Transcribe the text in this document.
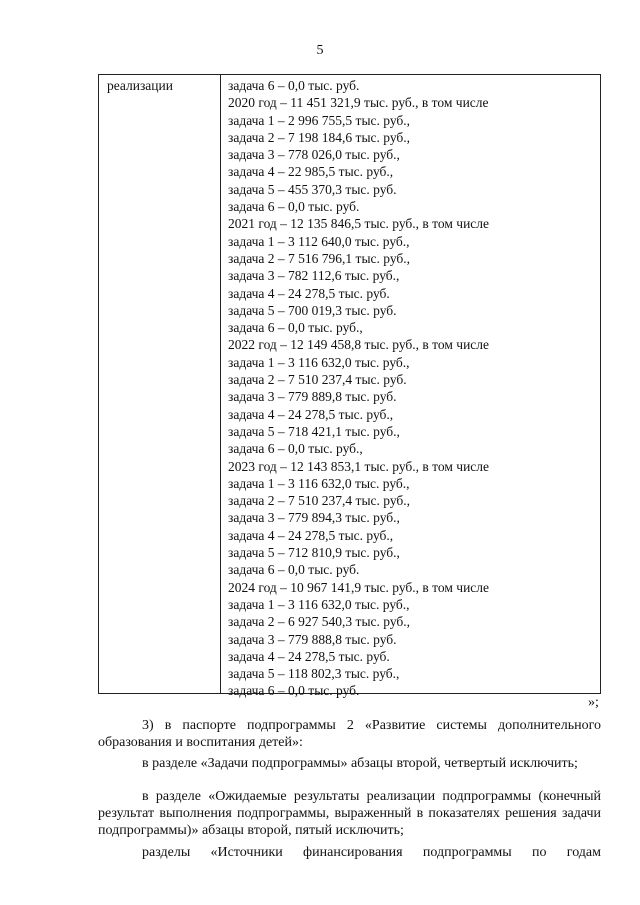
5
реализации	задача 6 – 0,0 тыс. руб.
2020 год – 11 451 321,9 тыс. руб., в том числе
задача 1 – 2 996 755,5 тыс. руб.,
задача 2 – 7 198 184,6 тыс. руб.,
задача 3 – 778 026,0 тыс. руб.,
задача 4 – 22 985,5 тыс. руб.,
задача 5 – 455 370,3 тыс. руб.
задача 6 – 0,0 тыс. руб.
2021 год – 12 135 846,5 тыс. руб., в том числе
задача 1 – 3 112 640,0 тыс. руб.,
задача 2 – 7 516 796,1 тыс. руб.,
задача 3 – 782 112,6 тыс. руб.,
задача 4 – 24 278,5 тыс. руб.
задача 5 – 700 019,3 тыс. руб.
задача 6 – 0,0 тыс. руб.,
2022 год – 12 149 458,8 тыс. руб., в том числе
задача 1 – 3 116 632,0 тыс. руб.,
задача 2 – 7 510 237,4 тыс. руб.
задача 3 – 779 889,8 тыс. руб.
задача 4 – 24 278,5 тыс. руб.,
задача 5 – 718 421,1 тыс. руб.,
задача 6 – 0,0 тыс. руб.,
2023 год – 12 143 853,1 тыс. руб., в том числе
задача 1 – 3 116 632,0 тыс. руб.,
задача 2 – 7 510 237,4 тыс. руб.,
задача 3 – 779 894,3 тыс. руб.,
задача 4 – 24 278,5 тыс. руб.,
задача 5 – 712 810,9 тыс. руб.,
задача 6 – 0,0 тыс. руб.
2024 год – 10 967 141,9 тыс. руб., в том числе
задача 1 – 3 116 632,0 тыс. руб.,
задача 2 – 6 927 540,3 тыс. руб.,
задача 3 – 779 888,8 тыс. руб.
задача 4 – 24 278,5 тыс. руб.
задача 5 – 118 802,3 тыс. руб.,
задача 6 – 0,0 тыс. руб.
»;
3) в паспорте подпрограммы 2 «Развитие системы дополнительного образования и воспитания детей»:
в разделе «Задачи подпрограммы» абзацы второй, четвертый исключить;
в разделе «Ожидаемые результаты реализации подпрограммы (конечный результат выполнения подпрограммы, выраженный в показателях решения задачи подпрограммы)» абзацы второй, пятый исключить;
разделы «Источники финансирования подпрограммы по годам
